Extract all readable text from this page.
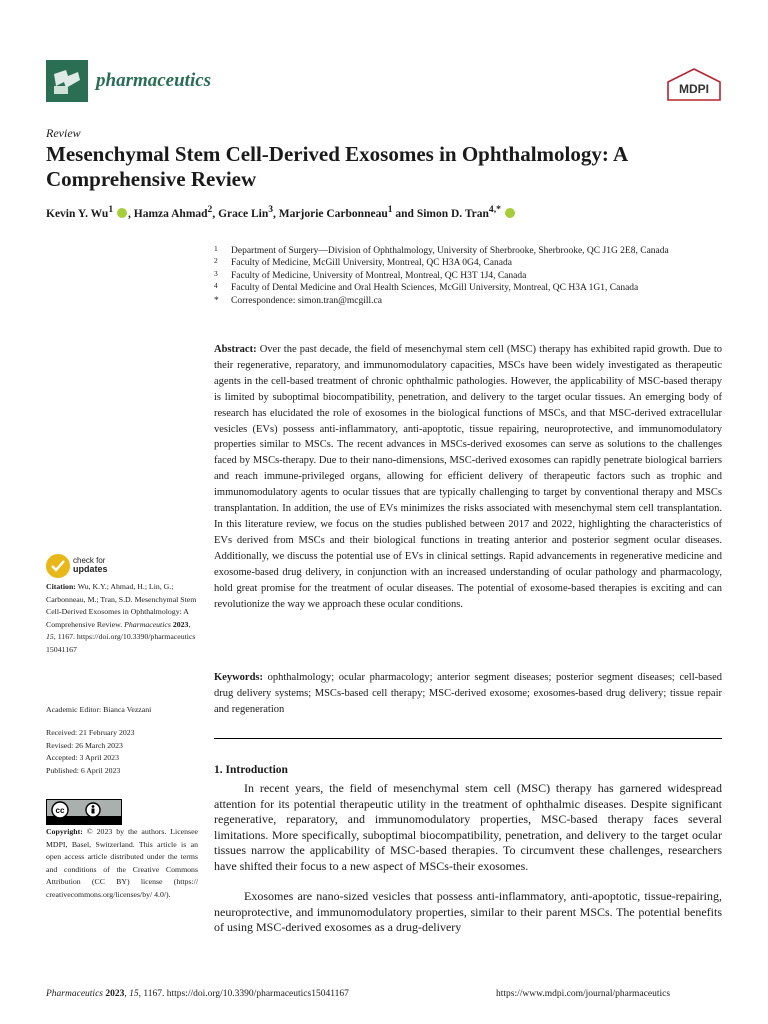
pharmaceutics	MDPI
Review
Mesenchymal Stem Cell-Derived Exosomes in Ophthalmology: A Comprehensive Review
Kevin Y. Wu$^1$ , Hamza Ahmad$^2$, Grace Lin$^3$, Marjorie Carbonneau$^1$ and Simon D. Tran$^{4,*}$
1	Department of Surgery—Division of Ophthalmology, University of Sherbrooke, Sherbrooke, QC J1G 2E8, Canada
2	Faculty of Medicine, McGill University, Montreal, QC H3A 0G4, Canada
3	Faculty of Medicine, University of Montreal, Montreal, QC H3T 1J4, Canada
4	Faculty of Dental Medicine and Oral Health Sciences, McGill University, Montreal, QC H3A 1G1, Canada
*	Correspondence: simon.tran@mcgill.ca
Abstract: Over the past decade, the field of mesenchymal stem cell (MSC) therapy has exhibited rapid growth. Due to their regenerative, reparatory, and immunomodulatory capacities, MSCs have been widely investigated as therapeutic agents in the cell-based treatment of chronic ophthalmic pathologies. However, the applicability of MSC-based therapy is limited by suboptimal biocompatibility, penetration, and delivery to the target ocular tissues. An emerging body of research has elucidated the role of exosomes in the biological functions of MSCs, and that MSC-derived extracellular vesicles (EVs) possess anti-inflammatory, anti-apoptotic, tissue repairing, neuroprotective, and immunomodulatory properties similar to MSCs. The recent advances in MSCs-derived exosomes can serve as solutions to the challenges faced by MSCs-therapy. Due to their nano-dimensions, MSC-derived exosomes can rapidly penetrate biological barriers and reach immune-privileged organs, allowing for efficient delivery of therapeutic factors such as trophic and immunomodulatory agents to ocular tissues that are typically challenging to target by conventional therapy and MSCs transplantation. In addition, the use of EVs minimizes the risks associated with mesenchymal stem cell transplantation. In this literature review, we focus on the studies published between 2017 and 2022, highlighting the characteristics of EVs derived from MSCs and their biological functions in treating anterior and posterior segment ocular diseases. Additionally, we discuss the potential use of EVs in clinical settings. Rapid advancements in regenerative medicine and exosome-based drug delivery, in conjunction with an increased understanding of ocular pathology and pharmacology, hold great promise for the treatment of ocular diseases. The potential of exosome-based therapies is exciting and can revolutionize the way we approach these ocular conditions.
Keywords: ophthalmology; ocular pharmacology; anterior segment diseases; posterior segment diseases; cell-based drug delivery systems; MSCs-based cell therapy; MSC-derived exosome; exosomes-based drug delivery; tissue repair and regeneration
1. Introduction
In recent years, the field of mesenchymal stem cell (MSC) therapy has garnered widespread attention for its potential therapeutic utility in the treatment of ophthalmic diseases. Despite significant regenerative, reparatory, and immunomodulatory properties, MSC-based therapy faces several limitations. More specifically, suboptimal biocompatibility, penetration, and delivery to the target ocular tissues narrow the applicability of MSC-based therapies. To circumvent these challenges, researchers have shifted their focus to a new aspect of MSCs-their exosomes.
Exosomes are nano-sized vesicles that possess anti-inflammatory, anti-apoptotic, tissue-repairing, neuroprotective, and immunomodulatory properties, similar to their parent MSCs. The potential benefits of using MSC-derived exosomes as a drug-delivery
check for
updates
Citation: Wu, K.Y.; Ahmad, H.; Lin, G.; Carbonneau, M.; Tran, S.D. Mesenchymal Stem Cell-Derived Exosomes in Ophthalmology: A Comprehensive Review. Pharmaceutics 2023, 15, 1167. https://doi.org/10.3390/pharmaceutics15041167
Academic Editor: Bianca Vezzani
Received: 21 February 2023
Revised: 26 March 2023
Accepted: 3 April 2023
Published: 6 April 2023
cc
Copyright: © 2023 by the authors. Licensee MDPI, Basel, Switzerland. This article is an open access article distributed under the terms and conditions of the Creative Commons Attribution (CC BY) license (https:// creativecommons.org/licenses/by/ 4.0/).
Pharmaceutics 2023, 15, 1167. https://doi.org/10.3390/pharmaceutics15041167	https://www.mdpi.com/journal/pharmaceutics
